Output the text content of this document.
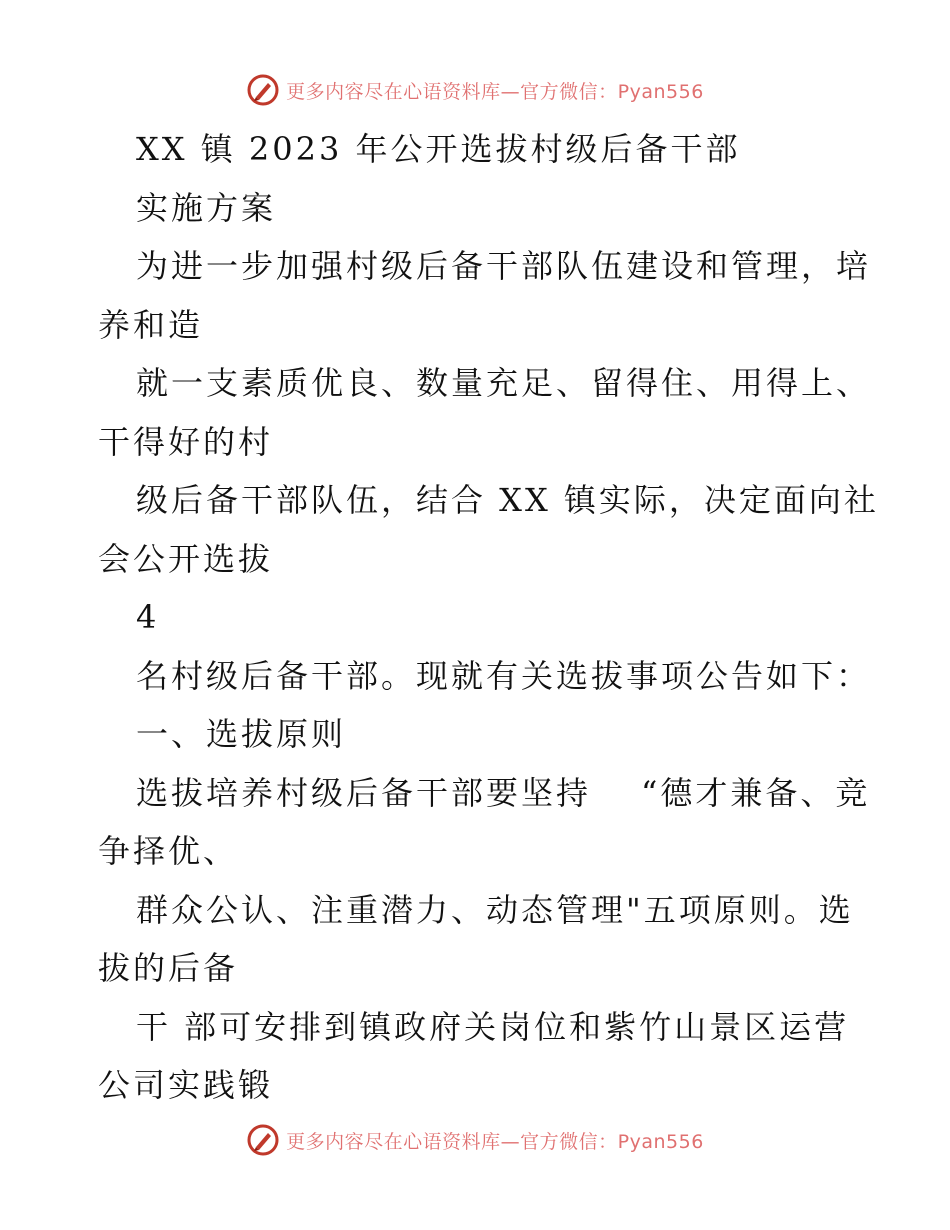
更多内容尽在心语资料库—官方微信：Pyan556
XX 镇 2023 年公开选拔村级后备干部
实施方案
为进一步加强村级后备干部队伍建设和管理，培
养和造
就一支素质优良、数量充足、留得住、用得上、
干得好的村
级后备干部队伍，结合 XX 镇实际，决定面向社
会公开选拔
4
名村级后备干部。现就有关选拔事项公告如下：
一、选拔原则
选拔培养村级后备干部要坚持 “德才兼备、竞
争择优、
群众公认、注重潜力、动态管理"五项原则。选
拔的后备
干 部可安排到镇政府关岗位和紫竹山景区运营
公司实践锻
更多内容尽在心语资料库—官方微信：Pyan556
